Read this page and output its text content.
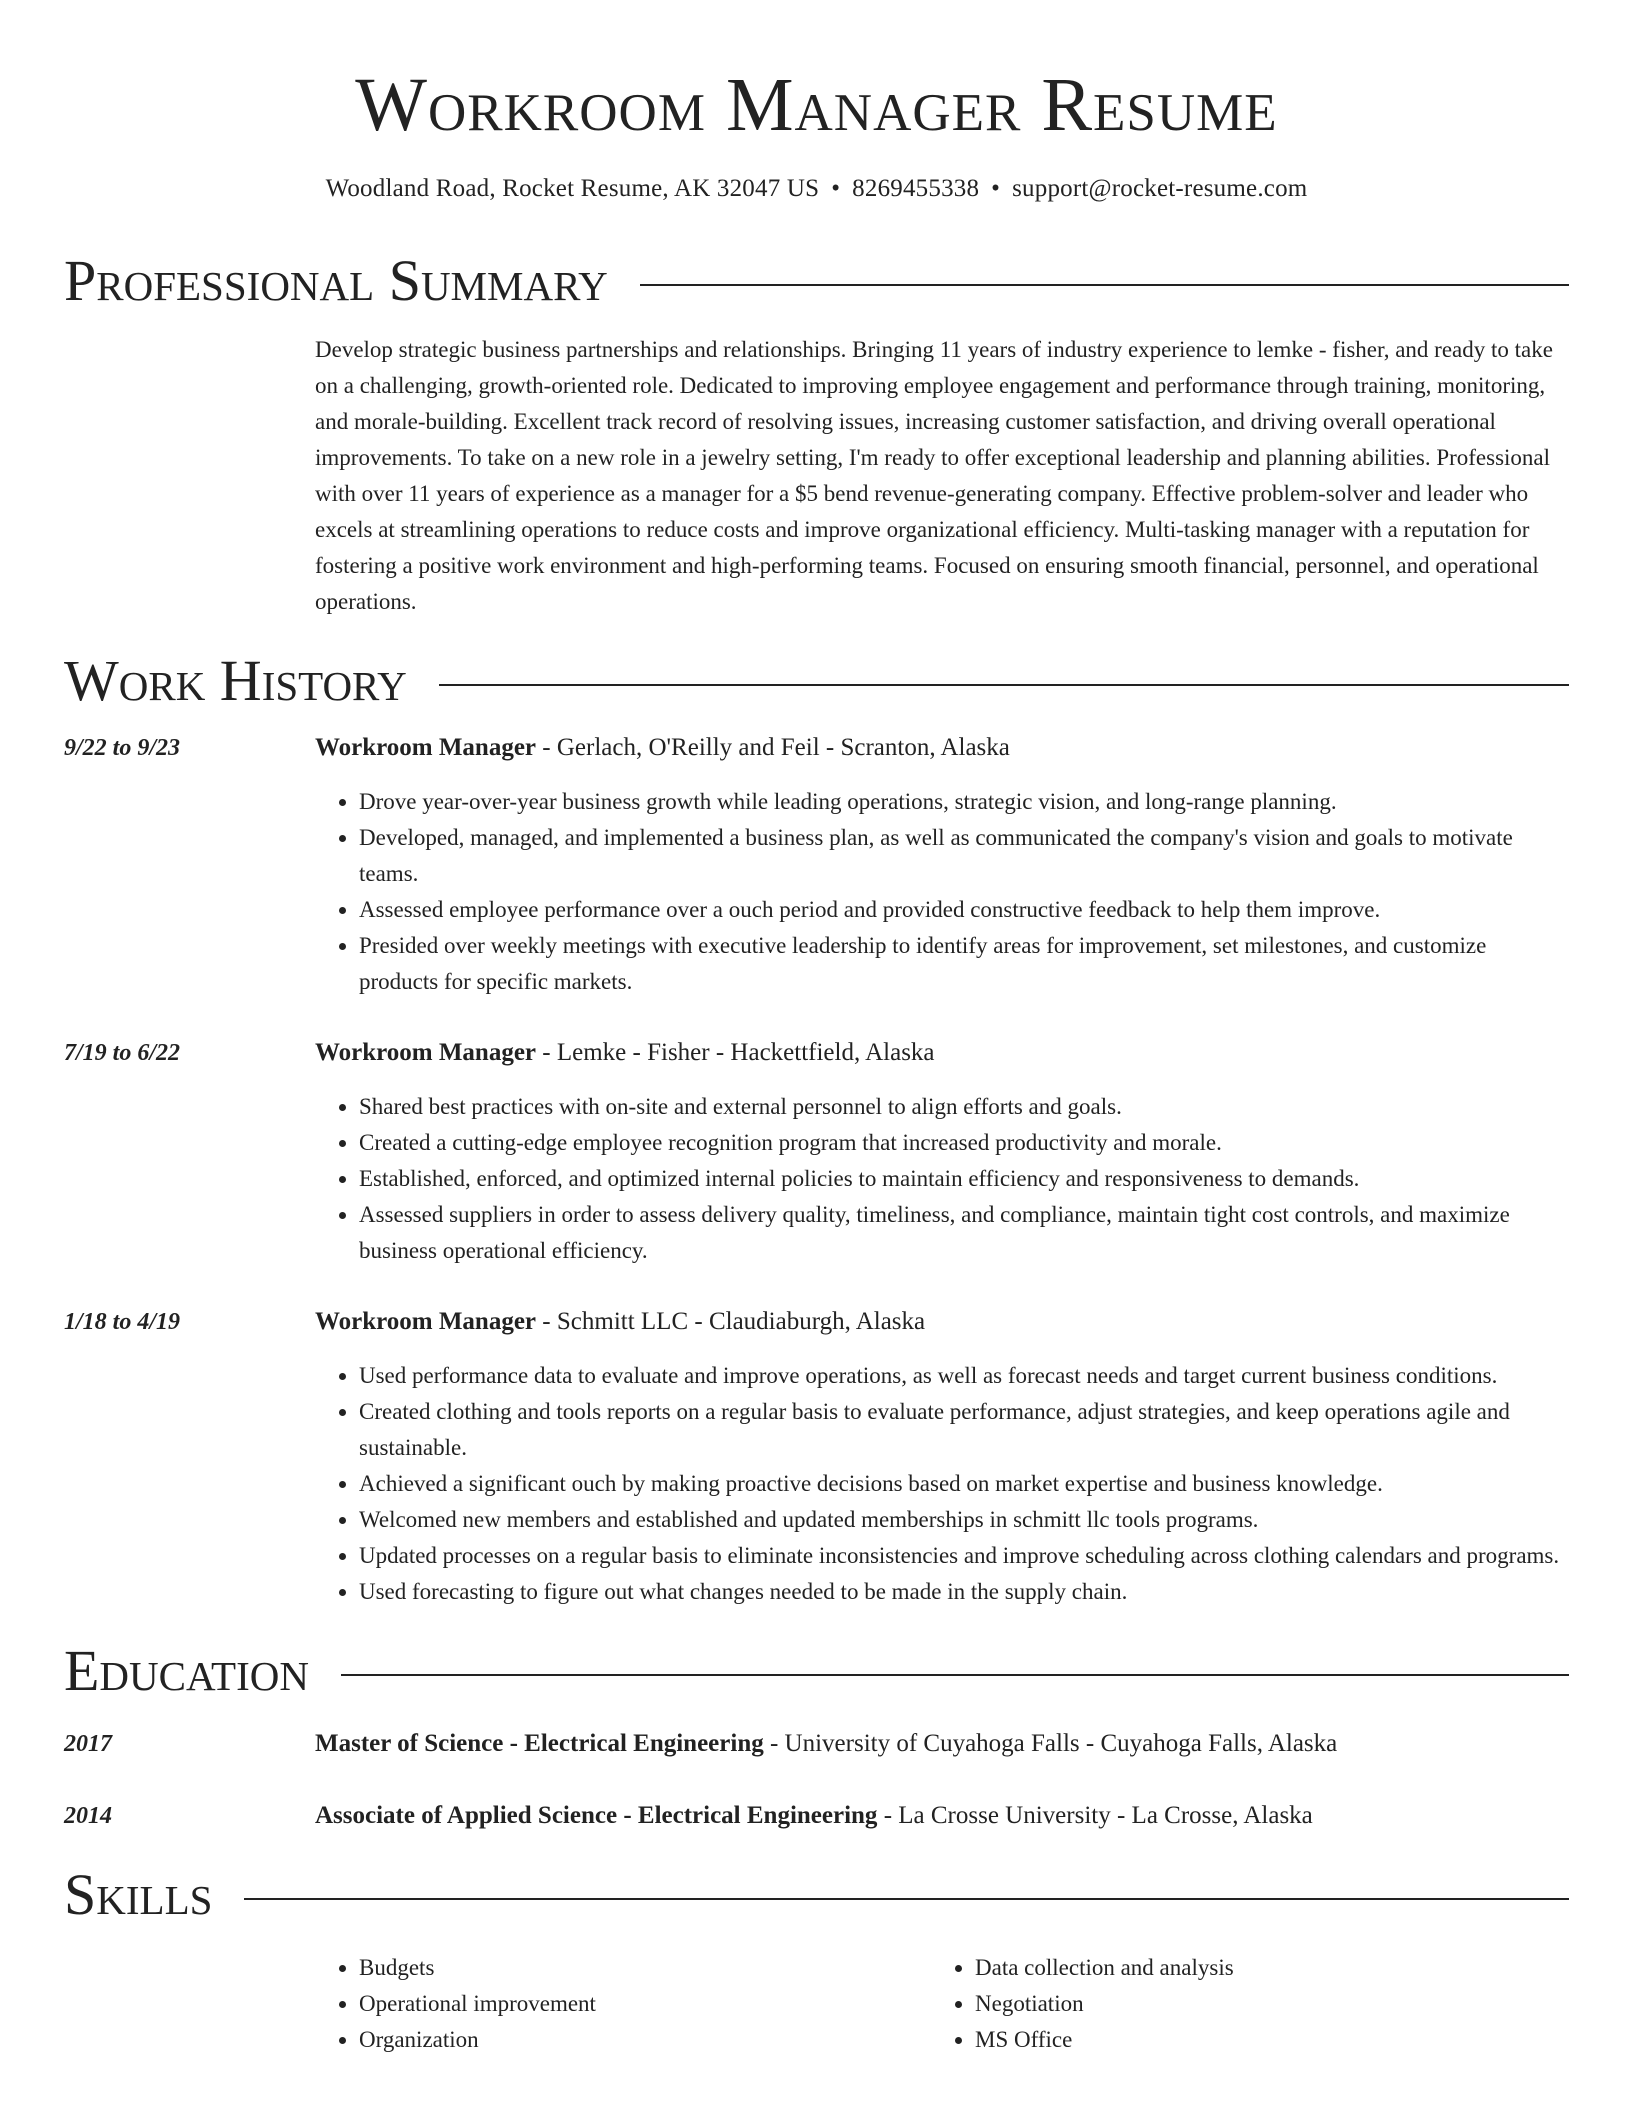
Workroom Manager Resume
Woodland Road, Rocket Resume, AK 32047 US • 8269455338 • support@rocket-resume.com
Professional Summary
Develop strategic business partnerships and relationships. Bringing 11 years of industry experience to lemke - fisher, and ready to take on a challenging, growth-oriented role. Dedicated to improving employee engagement and performance through training, monitoring, and morale-building. Excellent track record of resolving issues, increasing customer satisfaction, and driving overall operational improvements. To take on a new role in a jewelry setting, I'm ready to offer exceptional leadership and planning abilities. Professional with over 11 years of experience as a manager for a $5 bend revenue-generating company. Effective problem-solver and leader who excels at streamlining operations to reduce costs and improve organizational efficiency. Multi-tasking manager with a reputation for fostering a positive work environment and high-performing teams. Focused on ensuring smooth financial, personnel, and operational operations.
Work History
9/22 to 9/23	Workroom Manager - Gerlach, O'Reilly and Feil - Scranton, Alaska
• Drove year-over-year business growth while leading operations, strategic vision, and long-range planning.
• Developed, managed, and implemented a business plan, as well as communicated the company's vision and goals to motivate teams.
• Assessed employee performance over a ouch period and provided constructive feedback to help them improve.
• Presided over weekly meetings with executive leadership to identify areas for improvement, set milestones, and customize products for specific markets.
7/19 to 6/22	Workroom Manager - Lemke - Fisher - Hackettfield, Alaska
• Shared best practices with on-site and external personnel to align efforts and goals.
• Created a cutting-edge employee recognition program that increased productivity and morale.
• Established, enforced, and optimized internal policies to maintain efficiency and responsiveness to demands.
• Assessed suppliers in order to assess delivery quality, timeliness, and compliance, maintain tight cost controls, and maximize business operational efficiency.
1/18 to 4/19	Workroom Manager - Schmitt LLC - Claudiaburgh, Alaska
• Used performance data to evaluate and improve operations, as well as forecast needs and target current business conditions.
• Created clothing and tools reports on a regular basis to evaluate performance, adjust strategies, and keep operations agile and sustainable.
• Achieved a significant ouch by making proactive decisions based on market expertise and business knowledge.
• Welcomed new members and established and updated memberships in schmitt llc tools programs.
• Updated processes on a regular basis to eliminate inconsistencies and improve scheduling across clothing calendars and programs.
• Used forecasting to figure out what changes needed to be made in the supply chain.
Education
2017	Master of Science - Electrical Engineering - University of Cuyahoga Falls - Cuyahoga Falls, Alaska
2014	Associate of Applied Science - Electrical Engineering - La Crosse University - La Crosse, Alaska
Skills
• Budgets
• Operational improvement
• Organization
• Data collection and analysis
• Negotiation
• MS Office
